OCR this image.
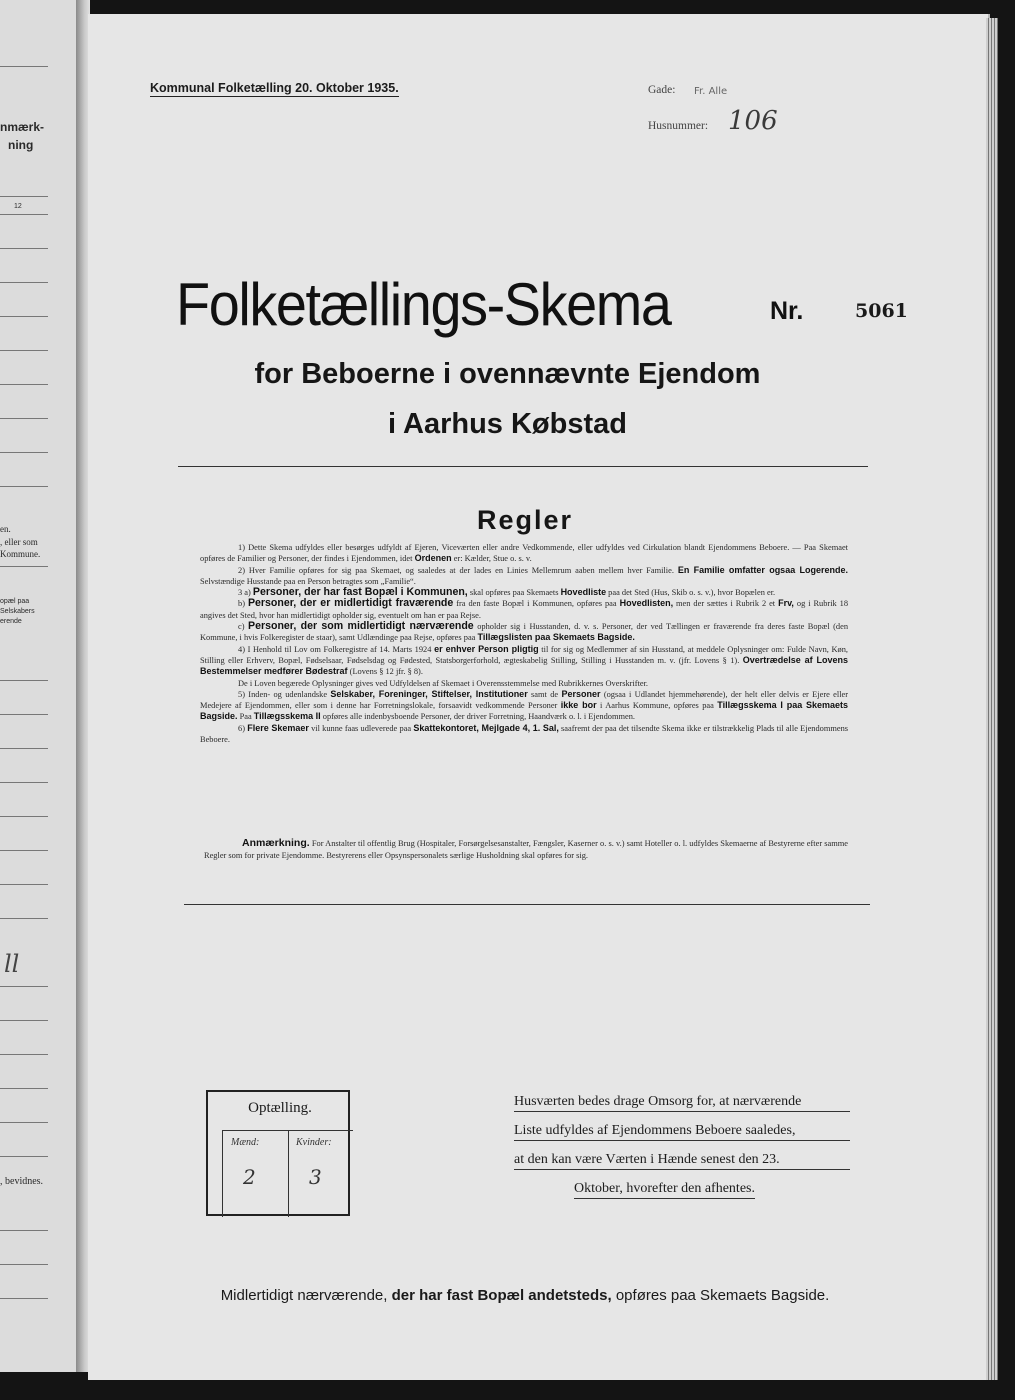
nmærk-
ning
12
en.
, eller som
Kommune.
opæl paa
Selskabers
erende
ll
, bevidnes.
Kommunal Folketælling 20. Oktober 1935.	Gade: Fr. Alle
Husnummer: 106
Folketællings-Skema	Nr.	5061
for Beboerne i ovennævnte Ejendom
i Aarhus Købstad
Regler

1) Dette Skema udfyldes eller besørges udfyldt af Ejeren, Viceværten eller andre Vedkommende, eller udfyldes ved Cirkulation blandt Ejendommens Beboere. — Paa Skemaet opføres de Familier og Personer, der findes i Ejendommen, idet Ordenen er: Kælder, Stue o. s. v.

2) Hver Familie opføres for sig paa Skemaet, og saaledes at der lades en Linies Mellemrum aaben mellem hver Familie. En Familie omfatter ogsaa Logerende. Selvstændige Husstande paa en Person betragtes som „Familie“.

3 a) Personer, der har fast Bopæl i Kommunen, skal opføres paa Skemaets Hovedliste paa det Sted (Hus, Skib o. s. v.), hvor Bopælen er.

b) Personer, der er midlertidigt fraværende fra den faste Bopæl i Kommunen, opføres paa Hovedlisten, men der sættes i Rubrik 2 et Frv, og i Rubrik 18 angives det Sted, hvor han midlertidigt opholder sig, eventuelt om han er paa Rejse.

c) Personer, der som midlertidigt nærværende opholder sig i Husstanden, d. v. s. Personer, der ved Tællingen er fraværende fra deres faste Bopæl (den Kommune, i hvis Folkeregister de staar), samt Udlændinge paa Rejse, opføres paa Tillægslisten paa Skemaets Bagside.

4) I Henhold til Lov om Folkeregistre af 14. Marts 1924 er enhver Person pligtig til for sig og Medlemmer af sin Husstand, at meddele Oplysninger om: Fulde Navn, Køn, Stilling eller Erhverv, Bopæl, Fødselsaar, Fødselsdag og Fødested, Statsborgerforhold, ægteskabelig Stilling, Stilling i Husstanden m. v. (jfr. Lovens § 1). Overtrædelse af Lovens Bestemmelser medfører Bødestraf (Lovens § 12 jfr. § 8).

De i Loven begærede Oplysninger gives ved Udfyldelsen af Skemaet i Overensstemmelse med Rubrikkernes Overskrifter.

5) Inden- og udenlandske Selskaber, Foreninger, Stiftelser, Institutioner samt de Personer (ogsaa i Udlandet hjemmehørende), der helt eller delvis er Ejere eller Medejere af Ejendommen, eller som i denne har Forretningslokale, forsaavidt vedkommende Personer ikke bor i Aarhus Kommune, opføres paa Tillægsskema I paa Skemaets Bagside. Paa Tillægsskema II opføres alle indenbysboende Personer, der driver Forretning, Haandværk o. l. i Ejendommen.

6) Flere Skemaer vil kunne faas udleverede paa Skattekontoret, Mejlgade 4, 1. Sal, saafremt der paa det tilsendte Skema ikke er tilstrækkelig Plads til alle Ejendommens Beboere.

Anmærkning. For Anstalter til offentlig Brug (Hospitaler, Forsørgelsesanstalter, Fængsler, Kaserner o. s. v.) samt Hoteller o. l. udfyldes Skemaerne af Bestyrerne efter samme Regler som for private Ejendomme. Bestyrerens eller Opsynspersonalets særlige Husholdning skal opføres for sig.
Optælling.
Mænd:	Kvinder:
2	3
Husværten bedes drage Omsorg for, at nærværende
Liste udfyldes af Ejendommens Beboere saaledes,
at den kan være Værten i Hænde senest den 23.
Oktober, hvorefter den afhentes.
Midlertidigt nærværende, der har fast Bopæl andetsteds, opføres paa Skemaets Bagside.
